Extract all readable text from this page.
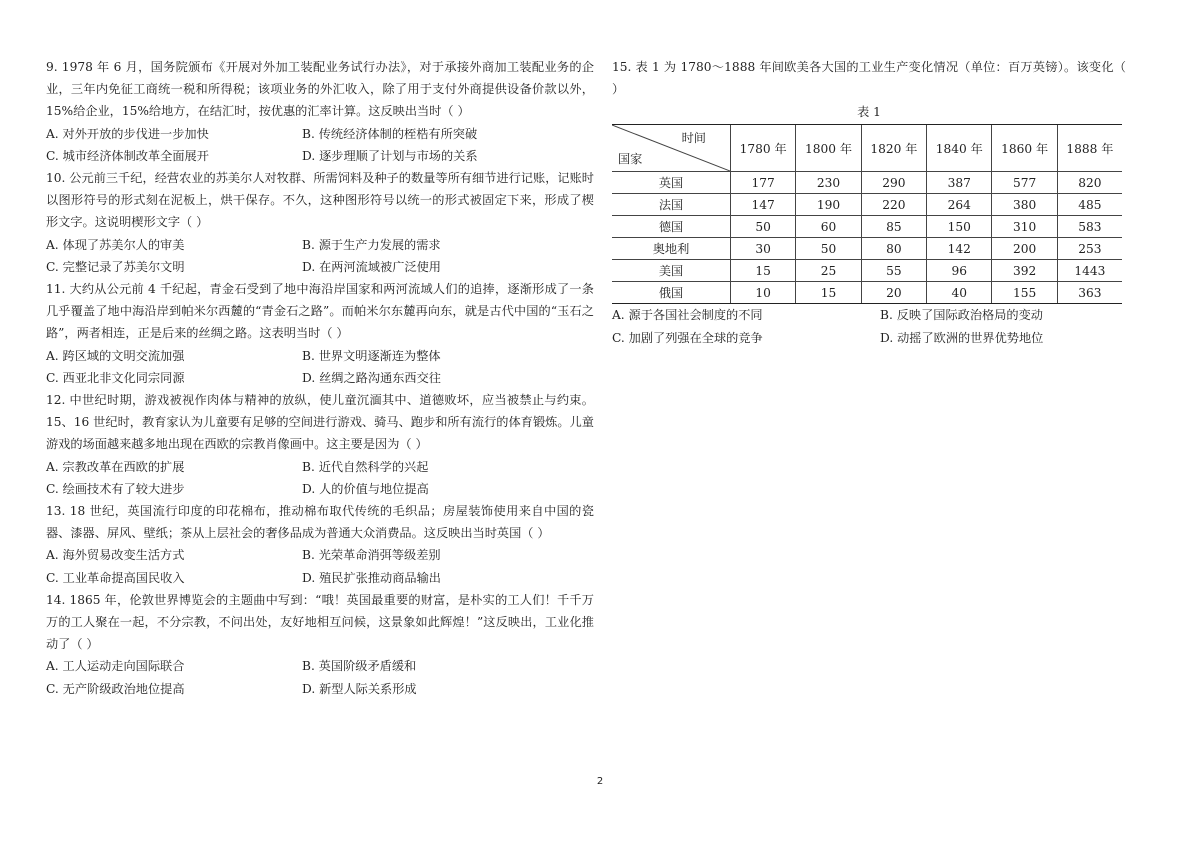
9. 1978 年 6 月，国务院颁布《开展对外加工装配业务试行办法》，对于承接外商加工装配业务的企业，三年内免征工商统一税和所得税；该项业务的外汇收入，除了用于支付外商提供设备价款以外，15%给企业，15%给地方，在结汇时，按优惠的汇率计算。这反映出当时（ ）

A. 对外开放的步伐进一步加快	B. 传统经济体制的桎梏有所突破
C. 城市经济体制改革全面展开	D. 逐步理顺了计划与市场的关系

10. 公元前三千纪，经营农业的苏美尔人对牧群、所需饲料及种子的数量等所有细节进行记账，记账时以图形符号的形式刻在泥板上，烘干保存。不久，这种图形符号以统一的形式被固定下来，形成了楔形文字。这说明楔形文字（ ）

A. 体现了苏美尔人的审美	B. 源于生产力发展的需求
C. 完整记录了苏美尔文明	D. 在两河流域被广泛使用

11. 大约从公元前 4 千纪起，青金石受到了地中海沿岸国家和两河流域人们的追捧，逐渐形成了一条几乎覆盖了地中海沿岸到帕米尔西麓的“青金石之路”。而帕米尔东麓再向东，就是古代中国的“玉石之路”，两者相连，正是后来的丝绸之路。这表明当时（ ）

A. 跨区域的文明交流加强	B. 世界文明逐渐连为整体
C. 西亚北非文化同宗同源	D. 丝绸之路沟通东西交往

12. 中世纪时期，游戏被视作肉体与精神的放纵，使儿童沉湎其中、道德败坏，应当被禁止与约束。15、16 世纪时，教育家认为儿童要有足够的空间进行游戏、骑马、跑步和所有流行的体育锻炼。儿童游戏的场面越来越多地出现在西欧的宗教肖像画中。这主要是因为（ ）

A. 宗教改革在西欧的扩展	B. 近代自然科学的兴起
C. 绘画技术有了较大进步	D. 人的价值与地位提高

13. 18 世纪，英国流行印度的印花棉布，推动棉布取代传统的毛织品；房屋装饰使用来自中国的瓷器、漆器、屏风、壁纸；茶从上层社会的奢侈品成为普通大众消费品。这反映出当时英国（ ）

A. 海外贸易改变生活方式	B. 光荣革命消弭等级差别
C. 工业革命提高国民收入	D. 殖民扩张推动商品输出

14. 1865 年，伦敦世界博览会的主题曲中写到：“哦！英国最重要的财富，是朴实的工人们！千千万万的工人聚在一起，不分宗教，不问出处，友好地相互问候，这景象如此辉煌！”这反映出，工业化推动了（ ）

A. 工人运动走向国际联合	B. 英国阶级矛盾缓和
C. 无产阶级政治地位提高	D. 新型人际关系形成

15. 表 1 为 1780～1888 年间欧美各大国的工业生产变化情况（单位：百万英镑）。该变化（ ）

表 1
时间
国家	1780 年	1800 年	1820 年	1840 年	1860 年	1888 年
英国	177	230	290	387	577	820
法国	147	190	220	264	380	485
德国	50	60	85	150	310	583
奥地利	30	50	80	142	200	253
美国	15	25	55	96	392	1443
俄国	10	15	20	40	155	363
A. 源于各国社会制度的不同	B. 反映了国际政治格局的变动
C. 加剧了列强在全球的竞争	D. 动摇了欧洲的世界优势地位
2
